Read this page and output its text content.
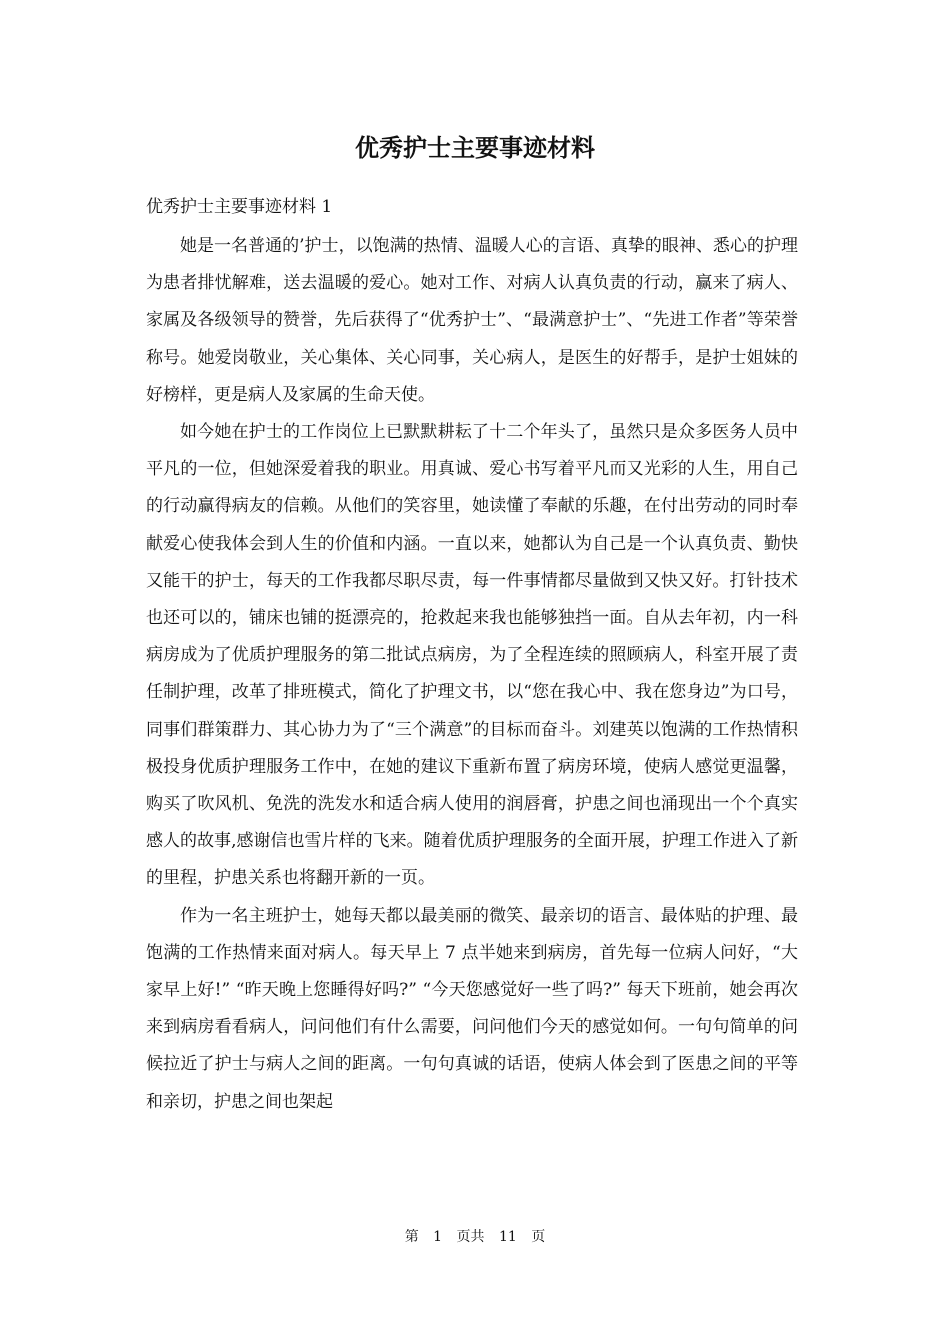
优秀护士主要事迹材料

优秀护士主要事迹材料 1

她是一名普通的’护士，以饱满的热情、温暖人心的言语、真挚的眼神、悉心的护理为患者排忧解难，送去温暖的爱心。她对工作、对病人认真负责的行动，赢来了病人、家属及各级领导的赞誉，先后获得了“优秀护士”、“最满意护士”、“先进工作者”等荣誉称号。她爱岗敬业，关心集体、关心同事，关心病人，是医生的好帮手，是护士姐妹的好榜样，更是病人及家属的生命天使。

如今她在护士的工作岗位上已默默耕耘了十二个年头了，虽然只是众多医务人员中平凡的一位，但她深爱着我的职业。用真诚、爱心书写着平凡而又光彩的人生，用自己的行动赢得病友的信赖。从他们的笑容里，她读懂了奉献的乐趣，在付出劳动的同时奉献爱心使我体会到人生的价值和内涵。一直以来，她都认为自己是一个认真负责、勤快又能干的护士，每天的工作我都尽职尽责，每一件事情都尽量做到又快又好。打针技术也还可以的，铺床也铺的挺漂亮的，抢救起来我也能够独挡一面。自从去年初，内一科病房成为了优质护理服务的第二批试点病房，为了全程连续的照顾病人，科室开展了责任制护理，改革了排班模式，简化了护理文书，以“您在我心中、我在您身边”为口号，同事们群策群力、其心协力为了“三个满意”的目标而奋斗。刘建英以饱满的工作热情积极投身优质护理服务工作中，在她的建议下重新布置了病房环境，使病人感觉更温馨，购买了吹风机、免洗的洗发水和适合病人使用的润唇膏，护患之间也涌现出一个个真实感人的故事,感谢信也雪片样的飞来。随着优质护理服务的全面开展，护理工作进入了新的里程，护患关系也将翻开新的一页。

作为一名主班护士，她每天都以最美丽的微笑、最亲切的语言、最体贴的护理、最饱满的工作热情来面对病人。每天早上 7 点半她来到病房，首先每一位病人问好，“大家早上好!” “昨天晚上您睡得好吗?” “今天您感觉好一些了吗?” 每天下班前，她会再次来到病房看看病人，问问他们有什么需要，问问他们今天的感觉如何。一句句简单的问候拉近了护士与病人之间的距离。一句句真诚的话语，使病人体会到了医患之间的平等和亲切，护患之间也架起

第 1 页共 11 页
